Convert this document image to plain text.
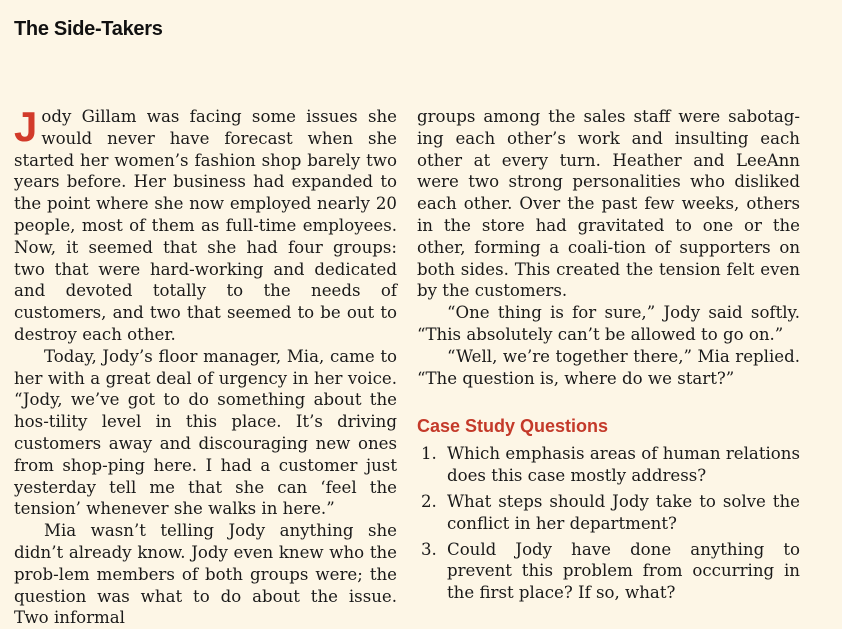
The Side-Takers

Jody Gillam was facing some issues she would never have forecast when she started her women’s fashion shop barely two years before. Her business had expanded to the point where she now employed nearly 20 people, most of them as full-time employees. Now, it seemed that she had four groups: two that were hard-working and dedicated and devoted totally to the needs of customers, and two that seemed to be out to destroy each other.

Today, Jody’s floor manager, Mia, came to her with a great deal of urgency in her voice. “Jody, we’ve got to do something about the hos-tility level in this place. It’s driving customers away and discouraging new ones from shop-ping here. I had a customer just yesterday tell me that she can ‘feel the tension’ whenever she walks in here.”

Mia wasn’t telling Jody anything she didn’t already know. Jody even knew who the prob-lem members of both groups were; the question was what to do about the issue. Two informal

groups among the sales staff were sabotag-ing each other’s work and insulting each other at every turn. Heather and LeeAnn were two strong personalities who disliked each other. Over the past few weeks, others in the store had gravitated to one or the other, forming a coali-tion of supporters on both sides. This created the tension felt even by the customers.

“One thing is for sure,” Jody said softly. “This absolutely can’t be allowed to go on.”

“Well, we’re together there,” Mia replied. “The question is, where do we start?”

Case Study Questions
1. Which emphasis areas of human relations does this case mostly address?
2. What steps should Jody take to solve the conflict in her department?
3. Could Jody have done anything to prevent this problem from occurring in the first place? If so, what?
